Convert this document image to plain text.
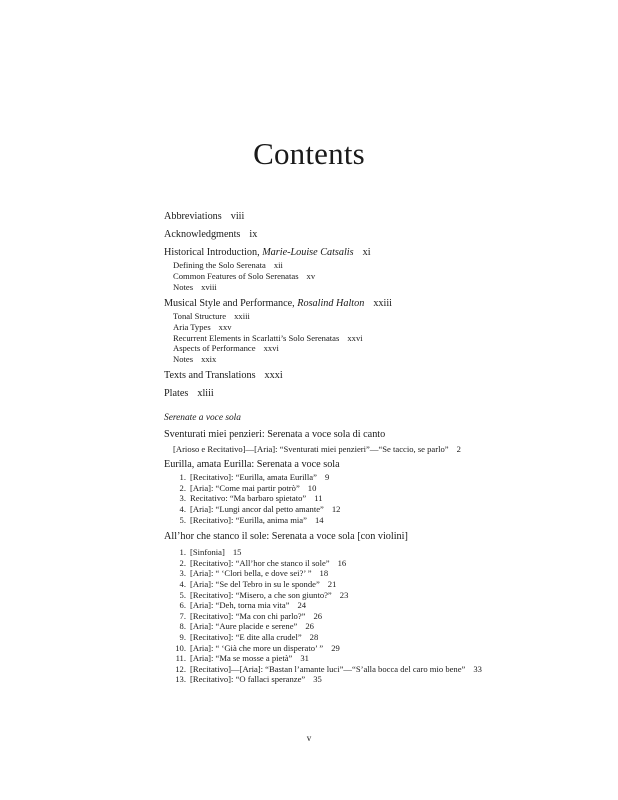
Contents
Abbreviations viii
Acknowledgments ix
Historical Introduction, Marie-Louise Catsalis xi
Defining the Solo Serenata xii
Common Features of Solo Serenatas xv
Notes xviii
Musical Style and Performance, Rosalind Halton xxiii
Tonal Structure xxiii
Aria Types xxv
Recurrent Elements in Scarlatti’s Solo Serenatas xxvi
Aspects of Performance xxvi
Notes xxix
Texts and Translations xxxi
Plates xliii
Serenate a voce sola
Sventurati miei penzieri: Serenata a voce sola di canto
[Arioso e Recitativo]—[Aria]: “Sventurati miei penzieri”—“Se taccio, se parlo” 2
Eurilla, amata Eurilla: Serenata a voce sola
1. [Recitativo]: “Eurilla, amata Eurilla” 9
2. [Aria]: “Come mai partir potrò” 10
3. Recitativo: “Ma barbaro spietato” 11
4. [Aria]: “Lungi ancor dal petto amante” 12
5. [Recitativo]: “Eurilla, anima mia” 14
All’hor che stanco il sole: Serenata a voce sola [con violini]
1. [Sinfonia] 15
2. [Recitativo]: “All’hor che stanco il sole” 16
3. [Aria]: “ ‘Clori bella, e dove sei?’ ” 18
4. [Aria]: “Se del Tebro in su le sponde” 21
5. [Recitativo]: “Misero, a che son giunto?” 23
6. [Aria]: “Deh, torna mia vita” 24
7. [Recitativo]: “Ma con chi parlo?” 26
8. [Aria]: “Aure placide e serene” 26
9. [Recitativo]: “E dite alla crudel” 28
10. [Aria]: “ ‘Già che more un disperato’ ” 29
11. [Aria]: “Ma se mosse a pietà” 31
12. [Recitativo]—[Aria]: “Bastan l’amante luci”—“S’alla bocca del caro mio bene” 33
13. [Recitativo]: “O fallaci speranze” 35
v
